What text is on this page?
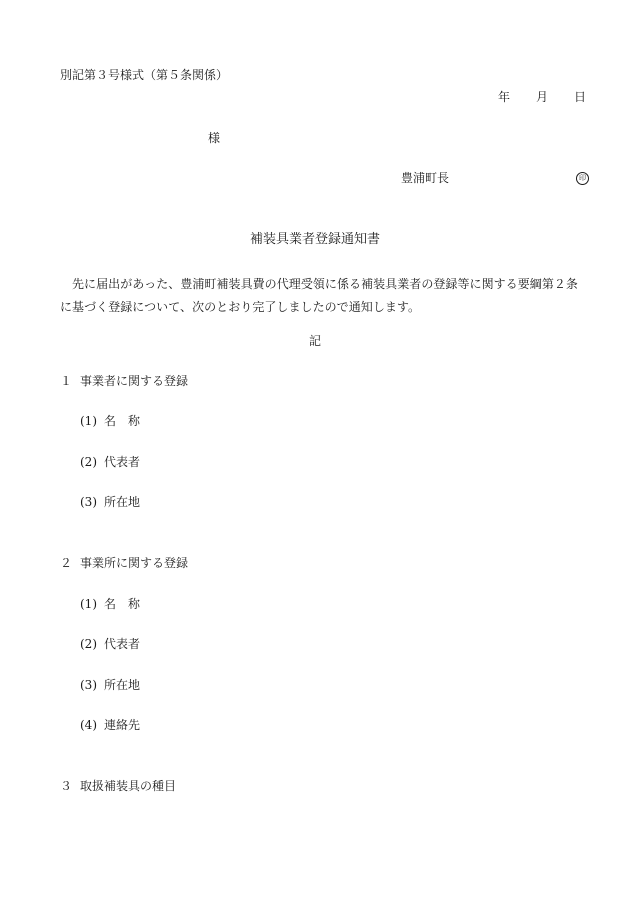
別記第３号様式（第５条関係）
年 月 日
様
豊浦町長	印
補装具業者登録通知書
先に届出があった、豊浦町補装具費の代理受領に係る補装具業者の登録等に関する要綱第２条
に基づく登録について、次のとおり完了しましたので通知します。
記
１ 事業者に関する登録
(1) 名　称
(2) 代表者
(3) 所在地
２ 事業所に関する登録
(1) 名　称
(2) 代表者
(3) 所在地
(4) 連絡先
３ 取扱補装具の種目
